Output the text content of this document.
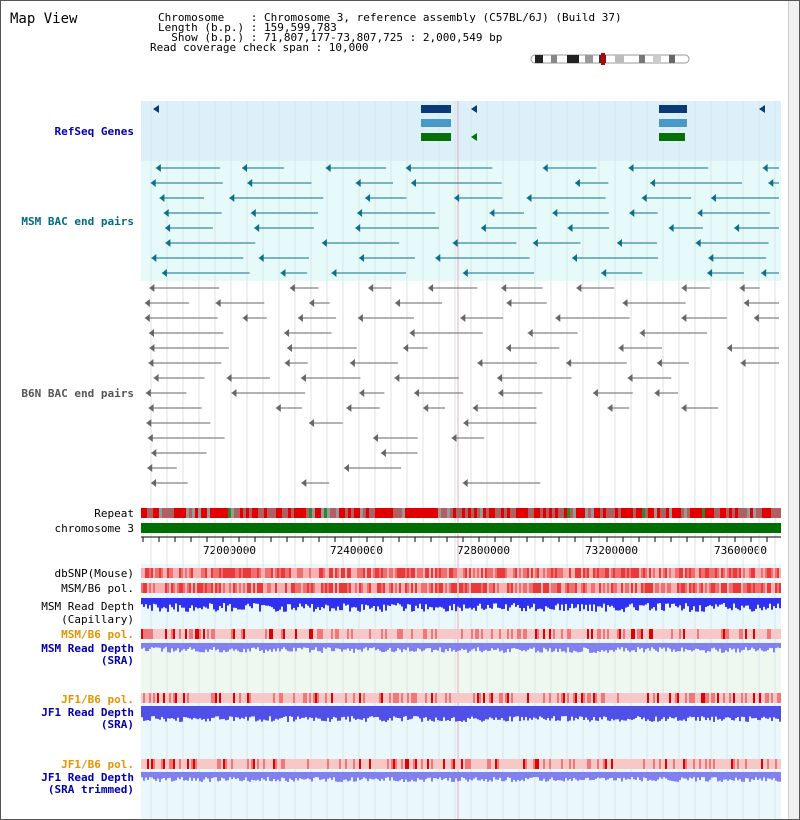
Map View	Chromosome    : Chromosome 3, reference assembly (C57BL/6J) (Build 37)
Length (b.p.) : 159,599,783
Show (b.p.) : 71,807,177-73,807,725 : 2,000,549 bp
Read coverage check span : 10,000
RefSeq Genes
MSM BAC end pairs
B6N BAC end pairs
Repeat
chromosome 3
dbSNP(Mouse)
MSM/B6 pol.
MSM Read Depth
(Capillary)
MSM/B6 pol.
MSM Read Depth
(SRA)
JF1/B6 pol.
JF1 Read Depth
(SRA)
JF1/B6 pol.
JF1 Read Depth
(SRA trimmed)
72000000	72400000	72800000	73200000	73600000
